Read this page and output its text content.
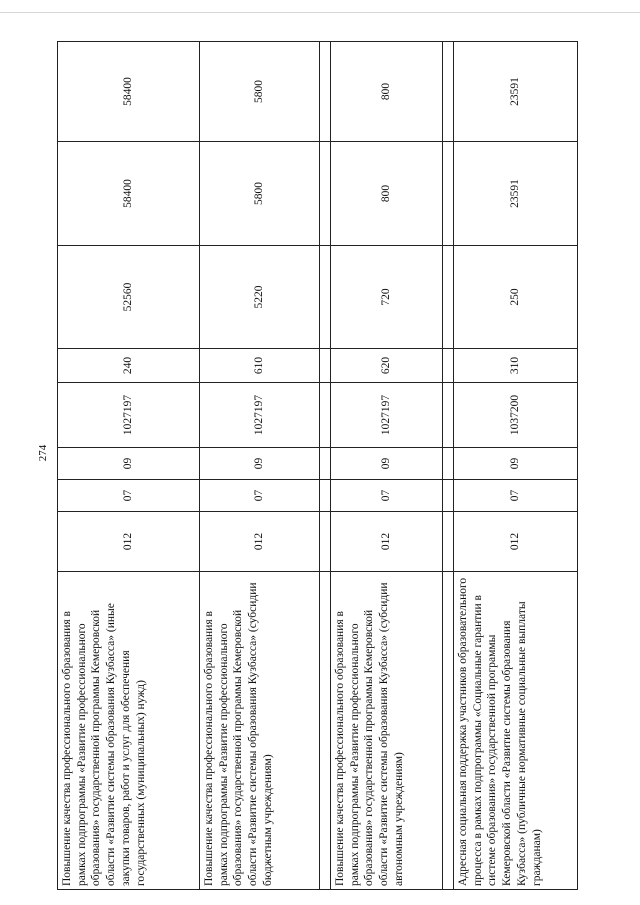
274
Повышение качества профессионального образования в рамках подпрограммы «Развитие профессионального образования» государственной программы Кемеровской области «Развитие системы образования Кузбасса» (иные закупки товаров, работ и услуг для обеспечения государственных (муниципальных) нужд)	012	07	09	1027197	240	52560	58400	58400
Повышение качества профессионального образования в рамках подпрограммы «Развитие профессионального образования» государственной программы Кемеровской области «Развитие системы образования Кузбасса» (субсидии бюджетным учреждениям)	012	07	09	1027197	610	5220	5800	5800

Повышение качества профессионального образования в рамках подпрограммы «Развитие профессионального образования» государственной программы Кемеровской области «Развитие системы образования Кузбасса» (субсидии автономным учреждениям)	012	07	09	1027197	620	720	800	800

Адресная социальная поддержка участников образовательного процесса в рамках подпрограммы «Социальные гарантии в системе образования» государственной программы Кемеровской области «Развитие системы образования Кузбасса» (публичные нормативные социальные выплаты гражданам)	012	07	09	1037200	310	250	23591	23591
